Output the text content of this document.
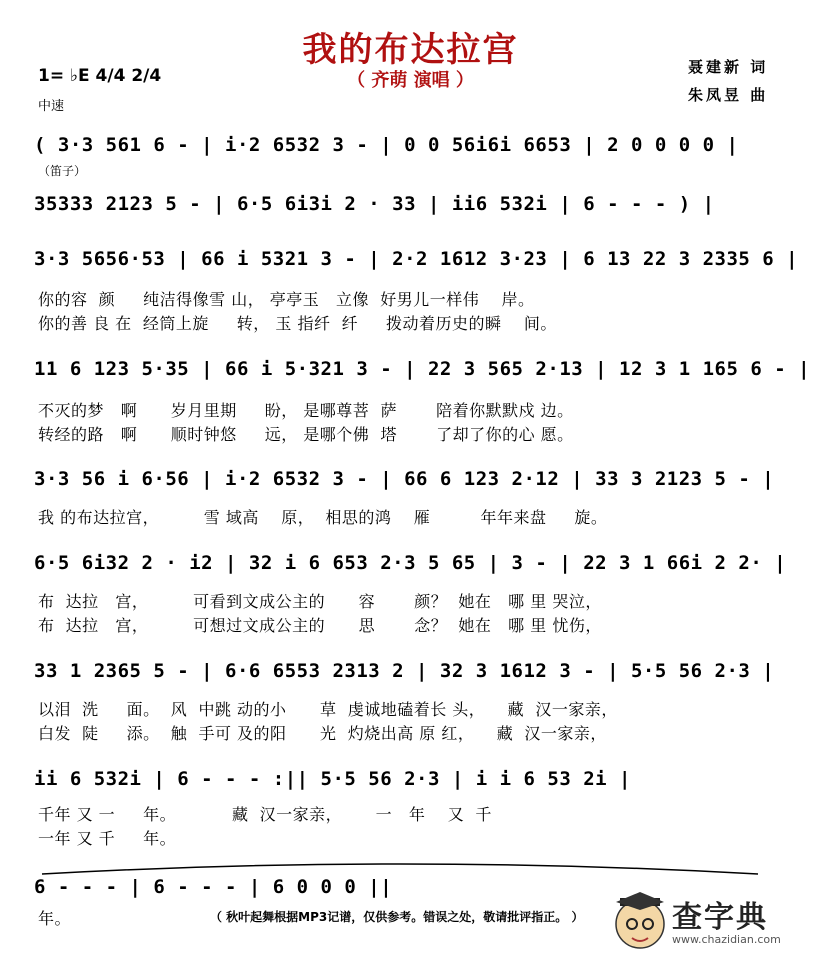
我的布达拉宫
（ 齐萌 演唱 ）
聂建新 词
朱凤昱 曲
1= ♭E 4/4 2/4
中速
（笛子）
( 3·3 561 6 - | i·2 6532 3 - | 0 0 56i6i 6653 | 2 0 0 0 0 |
35333 2123 5 - | 6·5 6i3i 2 · 33 | ii6 532i | 6 - - - ) |
3·3 5656·53 | 66 i 5321 3 - | 2·2 1612 3·23 | 6 13 22 3 2335 6 |
你的容  颜     纯洁得像雪 山， 亭亭玉   立像  好男儿一样伟    岸。
你的善 良 在  经筒上旋     转， 玉 指纤  纤     拨动着历史的瞬    间。
11 6 123 5·35 | 66 i 5·321 3 - | 22 3 565 2·13 | 12 3 1 165 6 - |
不灭的梦   啊      岁月里期     盼， 是哪尊菩  萨       陪着你默默戍 边。
转经的路   啊      顺时钟悠     远， 是哪个佛  塔       了却了你的心 愿。
3·3 56 i 6·56 | i·2 6532 3 - | 66 6 123 2·12 | 33 3 2123 5 - |
我 的布达拉宫，        雪 域高    原，  相思的鸿    雁         年年来盘     旋。
6·5 6i32 2 · i2 | 32 i 6 653 2·3 5 65 | 3 - | 22 3 1 66i 2 2· |
布  达拉   宫，        可看到文成公主的      容       颜？  她在   哪 里 哭泣，
布  达拉   宫，        可想过文成公主的      思       念？  她在   哪 里 忧伤，
33 1 2365 5 - | 6·6 6553 2313 2 | 32 3 1612 3 - | 5·5 56 2·3 |
以泪  洗     面。  风  中跳 动的小      草  虔诚地磕着长 头，    藏  汉一家亲，
白发  陡     添。  触  手可 及的阳      光  灼烧出高 原 红，    藏  汉一家亲，
ii 6 532i | 6 - - - :|| 5·5 56 2·3 | i i 6 53 2i |
千年 又 一     年。          藏  汉一家亲，      一   年    又  千
一年 又 千     年。
6 - - - | 6 - - - | 6 0 0 0 ||
年。	（ 秋叶起舞根据MP3记谱，仅供参考。错误之处，敬请批评指正。 ）	查字典
www.chazidian.com
